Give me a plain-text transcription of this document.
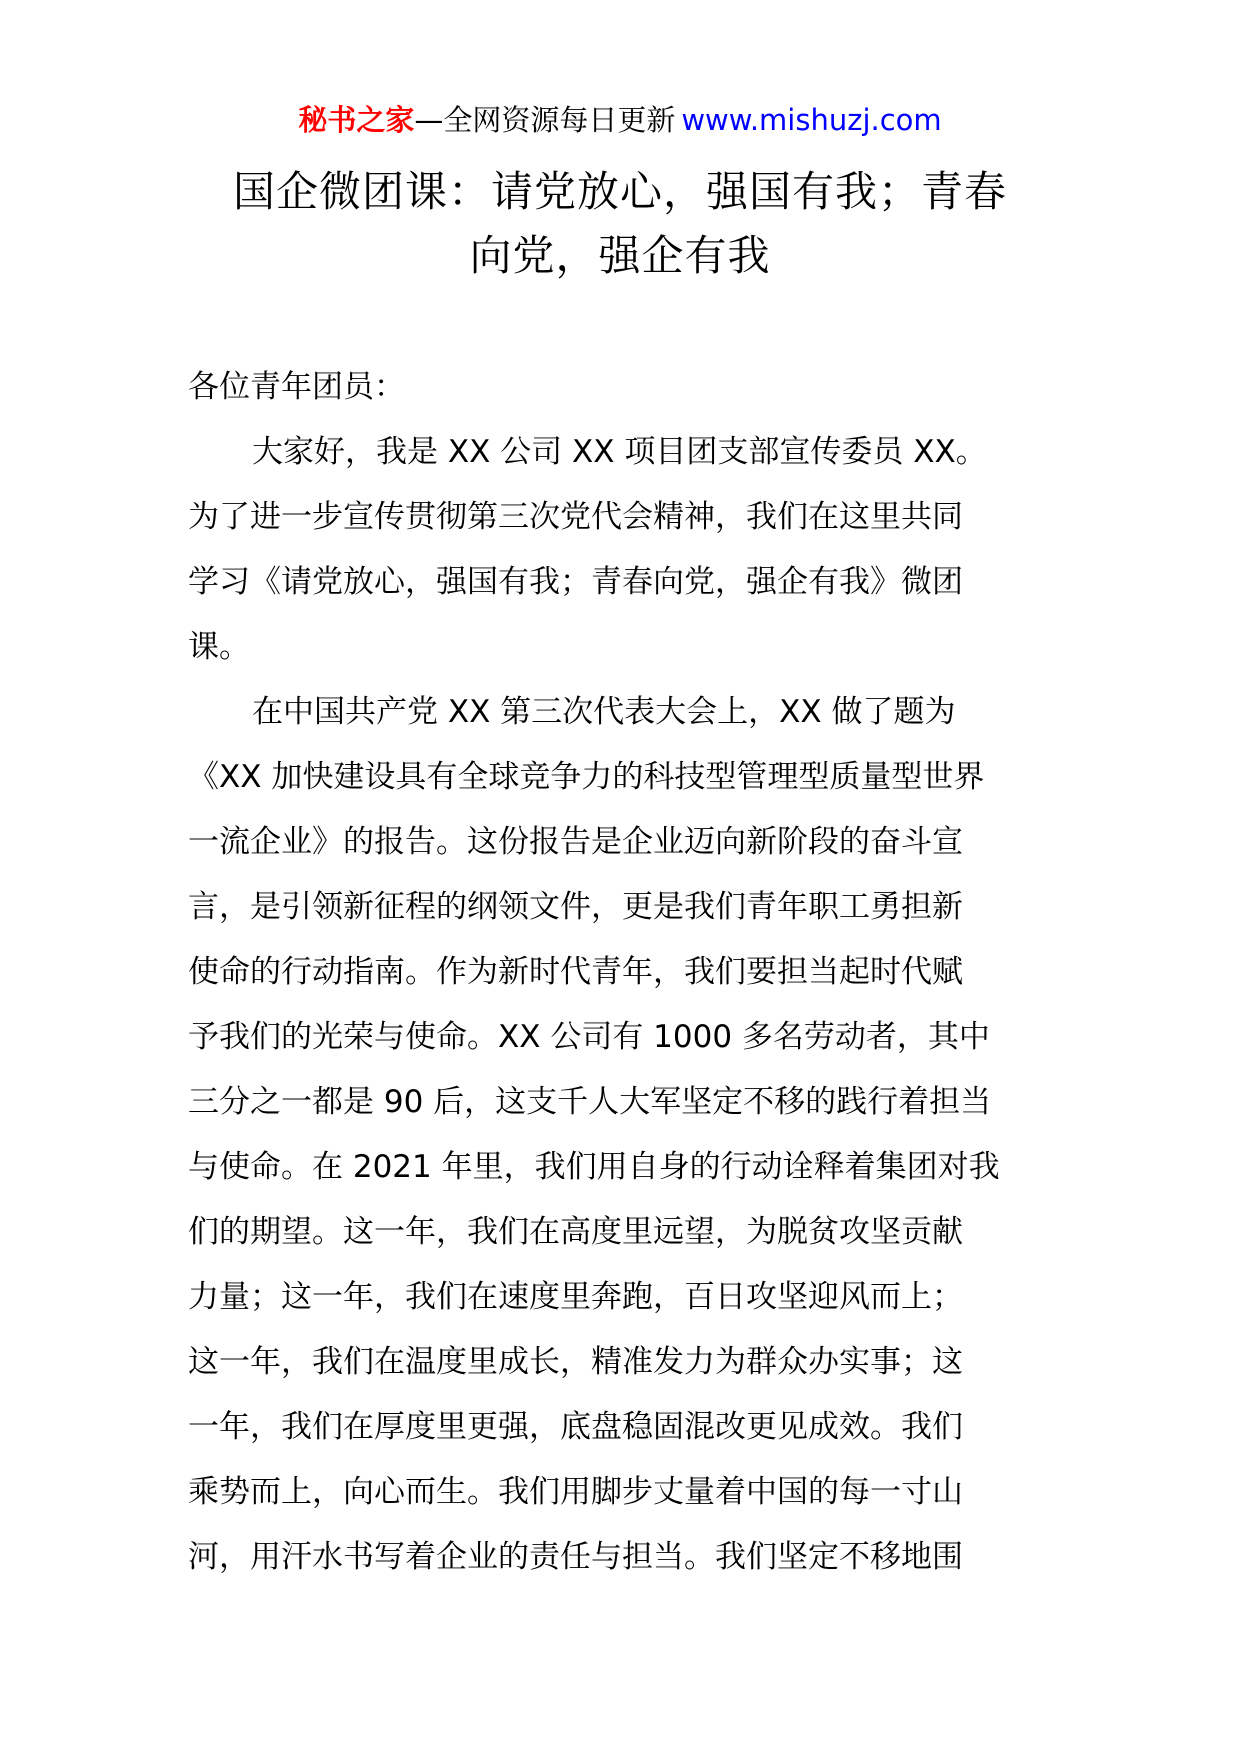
秘书之家—全网资源每日更新 www.mishuzj.com
国企微团课：请党放心，强国有我；青春
向党，强企有我

各位青年团员：

大家好，我是 XX 公司 XX 项目团支部宣传委员 XX。
为了进一步宣传贯彻第三次党代会精神，我们在这里共同
学习《请党放心，强国有我；青春向党，强企有我》微团
课。

在中国共产党 XX 第三次代表大会上，XX 做了题为
《XX 加快建设具有全球竞争力的科技型管理型质量型世界
一流企业》的报告。这份报告是企业迈向新阶段的奋斗宣
言，是引领新征程的纲领文件，更是我们青年职工勇担新
使命的行动指南。作为新时代青年，我们要担当起时代赋
予我们的光荣与使命。XX 公司有 1000 多名劳动者，其中
三分之一都是 90 后，这支千人大军坚定不移的践行着担当
与使命。在 2021 年里，我们用自身的行动诠释着集团对我
们的期望。这一年，我们在高度里远望，为脱贫攻坚贡献
力量；这一年，我们在速度里奔跑，百日攻坚迎风而上；
这一年，我们在温度里成长，精准发力为群众办实事；这
一年，我们在厚度里更强，底盘稳固混改更见成效。我们
乘势而上，向心而生。我们用脚步丈量着中国的每一寸山
河，用汗水书写着企业的责任与担当。我们坚定不移地围
